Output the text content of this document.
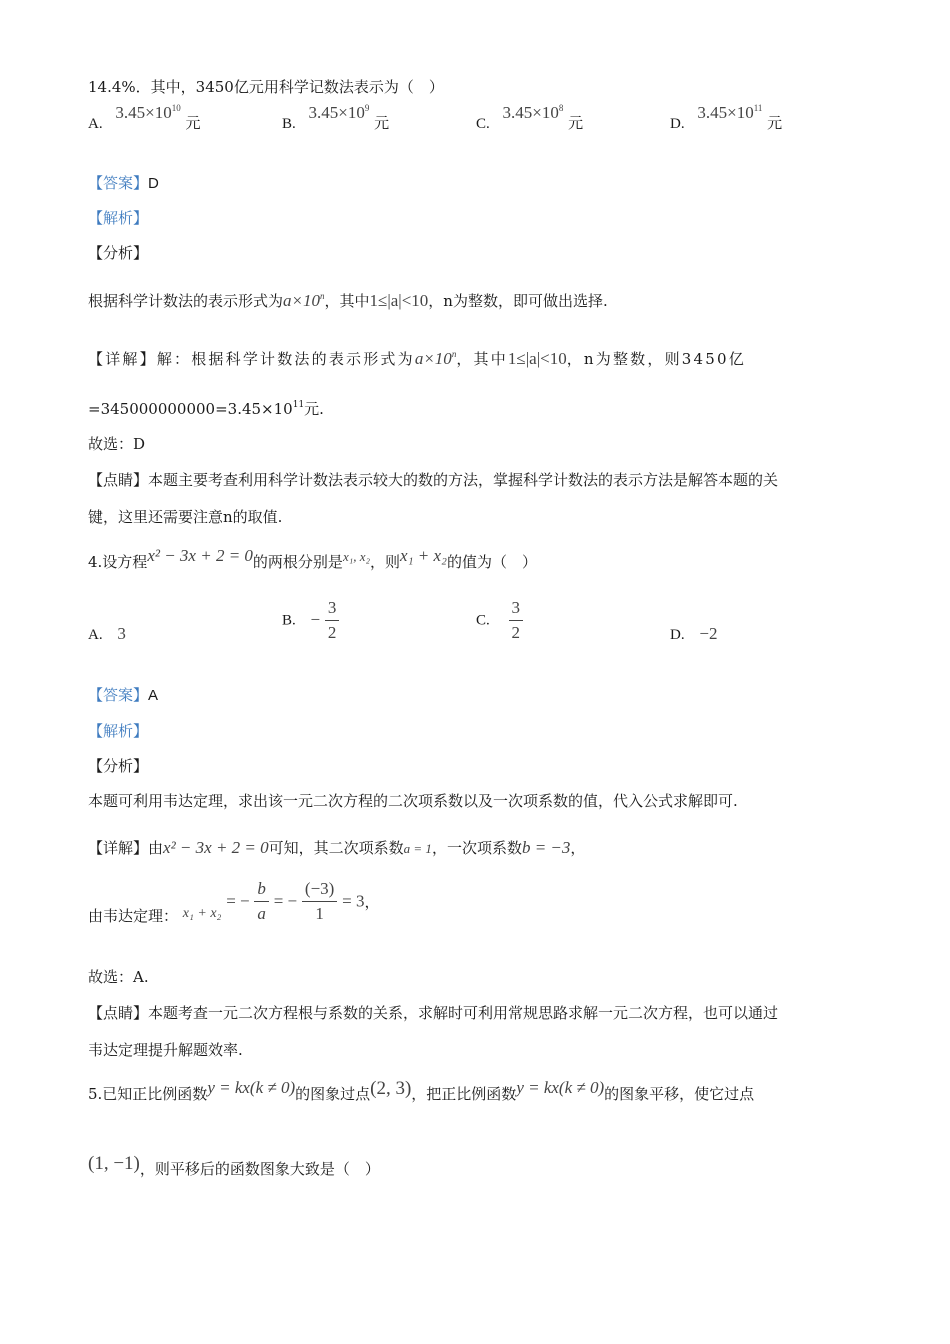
14.4%．其中，3450亿元用科学记数法表示为（　）
A. $3.45\times 10^{10}$ 元	B. $3.45\times 10^9$ 元	C. $3.45\times 10^8$ 元	D. $3.45\times 10^{11}$ 元
【答案】D
【解析】
【分析】
根据科学计数法的表示形式为$a\times 10^n$，其中1≤|a|<10，n为整数，即可做出选择.
【详解】解：根据科学计数法的表示形式为$a\times 10^n$，其中1≤|a|<10，n为整数，则3450亿
$=345000000000=3.45\times 10^{11}$元.
故选：D
【点睛】本题主要考查利用科学计数法表示较大的数的方法，掌握科学计数法的表示方法是解答本题的关
键，这里还需要注意n的取值.
4.设方程x² − 3x + 2 = 0的两根分别是x₁, x₂，则x₁ + x₂的值为（　）
A. 3
B. − $\frac{3}{2}$	C. $\frac{3}{2}$	D. −2
【答案】A
【解析】
【分析】
本题可利用韦达定理，求出该一元二次方程的二次项系数以及一次项系数的值，代入公式求解即可.
【详解】由x² − 3x + 2 = 0可知，其二次项系数a = 1，一次项系数b = −3，
由韦达定理： x₁ + x₂ = − $\frac{b}{a}$ = − $\frac{(-3)}{1} = 3$，
故选：A.
【点睛】本题考查一元二次方程根与系数的关系，求解时可利用常规思路求解一元二次方程，也可以通过
韦达定理提升解题效率.
5.已知正比例函数y = kx(k ≠ 0)的图象过点(2, 3)，把正比例函数y = kx(k ≠ 0)的图象平移，使它过点
(1, −1)，则平移后的函数图象大致是（　）
